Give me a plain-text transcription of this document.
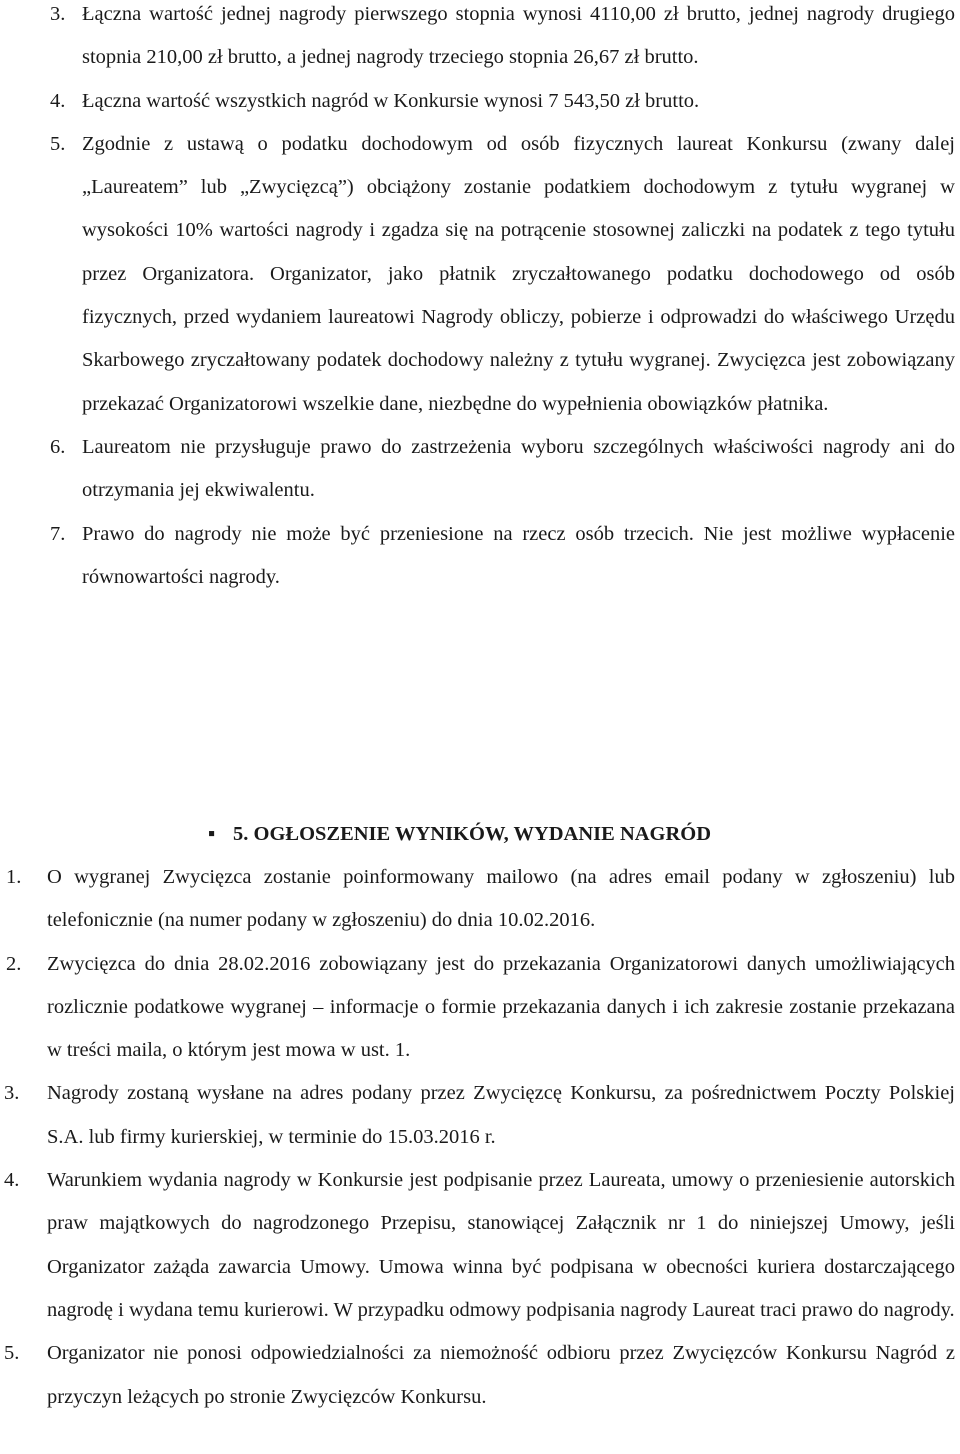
3. Łączna wartość jednej nagrody pierwszego stopnia wynosi 4110,00 zł brutto, jednej nagrody drugiego stopnia 210,00 zł brutto, a jednej nagrody trzeciego stopnia 26,67 zł brutto.

4. Łączna wartość wszystkich nagród w Konkursie wynosi 7 543,50 zł brutto.

5. Zgodnie z ustawą o podatku dochodowym od osób fizycznych laureat Konkursu (zwany dalej „Laureatem” lub „Zwycięzcą”) obciążony zostanie podatkiem dochodowym z tytułu wygranej w wysokości 10% wartości nagrody i zgadza się na potrącenie stosownej zaliczki na podatek z tego tytułu przez Organizatora. Organizator, jako płatnik zryczałtowanego podatku dochodowego od osób fizycznych, przed wydaniem laureatowi Nagrody obliczy, pobierze i odprowadzi do właściwego Urzędu Skarbowego zryczałtowany podatek dochodowy należny z tytułu wygranej. Zwycięzca jest zobowiązany przekazać Organizatorowi wszelkie dane, niezbędne do wypełnienia obowiązków płatnika.

6. Laureatom nie przysługuje prawo do zastrzeżenia wyboru szczególnych właściwości nagrody ani do otrzymania jej ekwiwalentu.

7. Prawo do nagrody nie może być przeniesione na rzecz osób trzecich. Nie jest możliwe wypłacenie równowartości nagrody.

▪ 5. OGŁOSZENIE WYNIKÓW, WYDANIE NAGRÓD
1. O wygranej Zwycięzca zostanie poinformowany mailowo (na adres email podany w zgłoszeniu) lub telefonicznie (na numer podany w zgłoszeniu) do dnia 10.02.2016.

2. Zwycięzca do dnia 28.02.2016 zobowiązany jest do przekazania Organizatorowi danych umożliwiających rozlicznie podatkowe wygranej – informacje o formie przekazania danych i ich zakresie zostanie przekazana w treści maila, o którym jest mowa w ust. 1.

3. Nagrody zostaną wysłane na adres podany przez Zwycięzcę Konkursu, za pośrednictwem Poczty Polskiej S.A. lub firmy kurierskiej, w terminie do 15.03.2016 r.

4. Warunkiem wydania nagrody w Konkursie jest podpisanie przez Laureata, umowy o przeniesienie autorskich praw majątkowych do nagrodzonego Przepisu, stanowiącej Załącznik nr 1 do niniejszej Umowy, jeśli Organizator zażąda zawarcia Umowy. Umowa winna być podpisana w obecności kuriera dostarczającego nagrodę i wydana temu kurierowi. W przypadku odmowy podpisania nagrody Laureat traci prawo do nagrody.

5. Organizator nie ponosi odpowiedzialności za niemożność odbioru przez Zwycięzców Konkursu Nagród z przyczyn leżących po stronie Zwycięzców Konkursu.
